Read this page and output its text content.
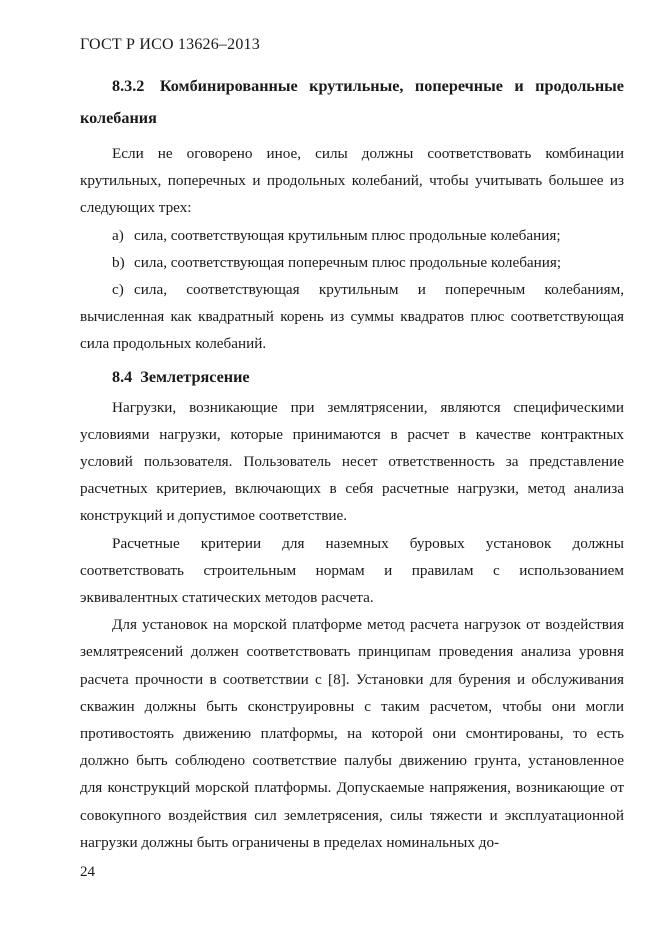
ГОСТ Р ИСО 13626–2013
8.3.2 Комбинированные крутильные, поперечные и продольные колебания

Если не оговорено иное, силы должны соответствовать комбинации крутильных, поперечных и продольных колебаний, чтобы учитывать большее из следующих трех:

a) сила, соответствующая крутильным плюс продольные колебания;

b) сила, соответствующая поперечным плюс продольные колебания;

c) сила, соответствующая крутильным и поперечным колебаниям, вычисленная как квадратный корень из суммы квадратов плюс соответствующая сила продольных колебаний.

8.4 Землетрясение

Нагрузки, возникающие при землятрясении, являются специфическими условиями нагрузки, которые принимаются в расчет в качестве контрактных условий пользователя. Пользователь несет ответственность за представление расчетных критериев, включающих в себя расчетные нагрузки, метод анализа конструкций и допустимое соответствие.

Расчетные критерии для наземных буровых установок должны соответствовать строительным нормам и правилам с использованием эквивалентных статических методов расчета.

Для установок на морской платформе метод расчета нагрузок от воздействия землятреясений должен соответствовать принципам проведения анализа уровня расчета прочности в соответствии с [8]. Установки для бурения и обслуживания скважин должны быть сконструировны с таким расчетом, чтобы они могли противостоять движению платформы, на которой они смонтированы, то есть должно быть соблюдено соответствие палубы движению грунта, установленное для конструкций морской платформы. Допускаемые напряжения, возникающие от совокупного воздействия сил землетрясения, силы тяжести и эксплуатационной нагрузки должны быть ограничены в пределах номинальных до-

24
